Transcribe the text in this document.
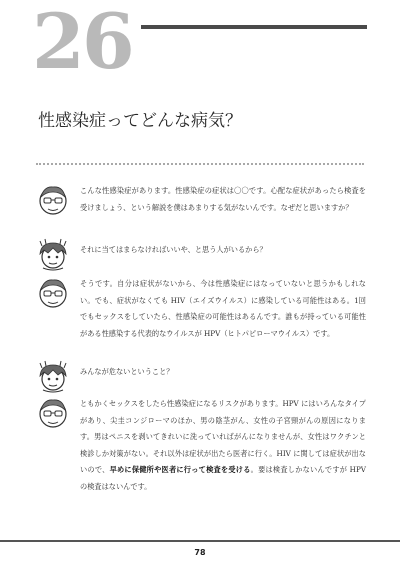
26
性感染症ってどんな病気？
こんな性感染症があります。性感染症の症状は〇〇です。心配な症状があったら検査を受けましょう、という解説を僕はあまりする気がないんです。なぜだと思いますか？
それに当てはまらなければいいや、と思う人がいるから？
そうです。自分は症状がないから、今は性感染症にはなっていないと思うかもしれない。でも、症状がなくても HIV（エイズウイルス）に感染している可能性はある。1回でもセックスをしていたら、性感染症の可能性はあるんです。誰もが持っている可能性がある性感染する代表的なウイルスが HPV（ヒトパピローマウイルス）です。
みんなが危ないということ？
ともかくセックスをしたら性感染症になるリスクがあります。HPV にはいろんなタイプがあり、尖圭コンジローマのほか、男の陰茎がん、女性の子宮頸がんの原因になります。男はペニスを剥いてきれいに洗っていればがんになりませんが、女性はワクチンと検診しか対策がない。それ以外は症状が出たら医者に行く。HIV に関しては症状が出ないので、早めに保健所や医者に行って検査を受ける。要は検査しかないんですが HPV の検査はないんです。
78
